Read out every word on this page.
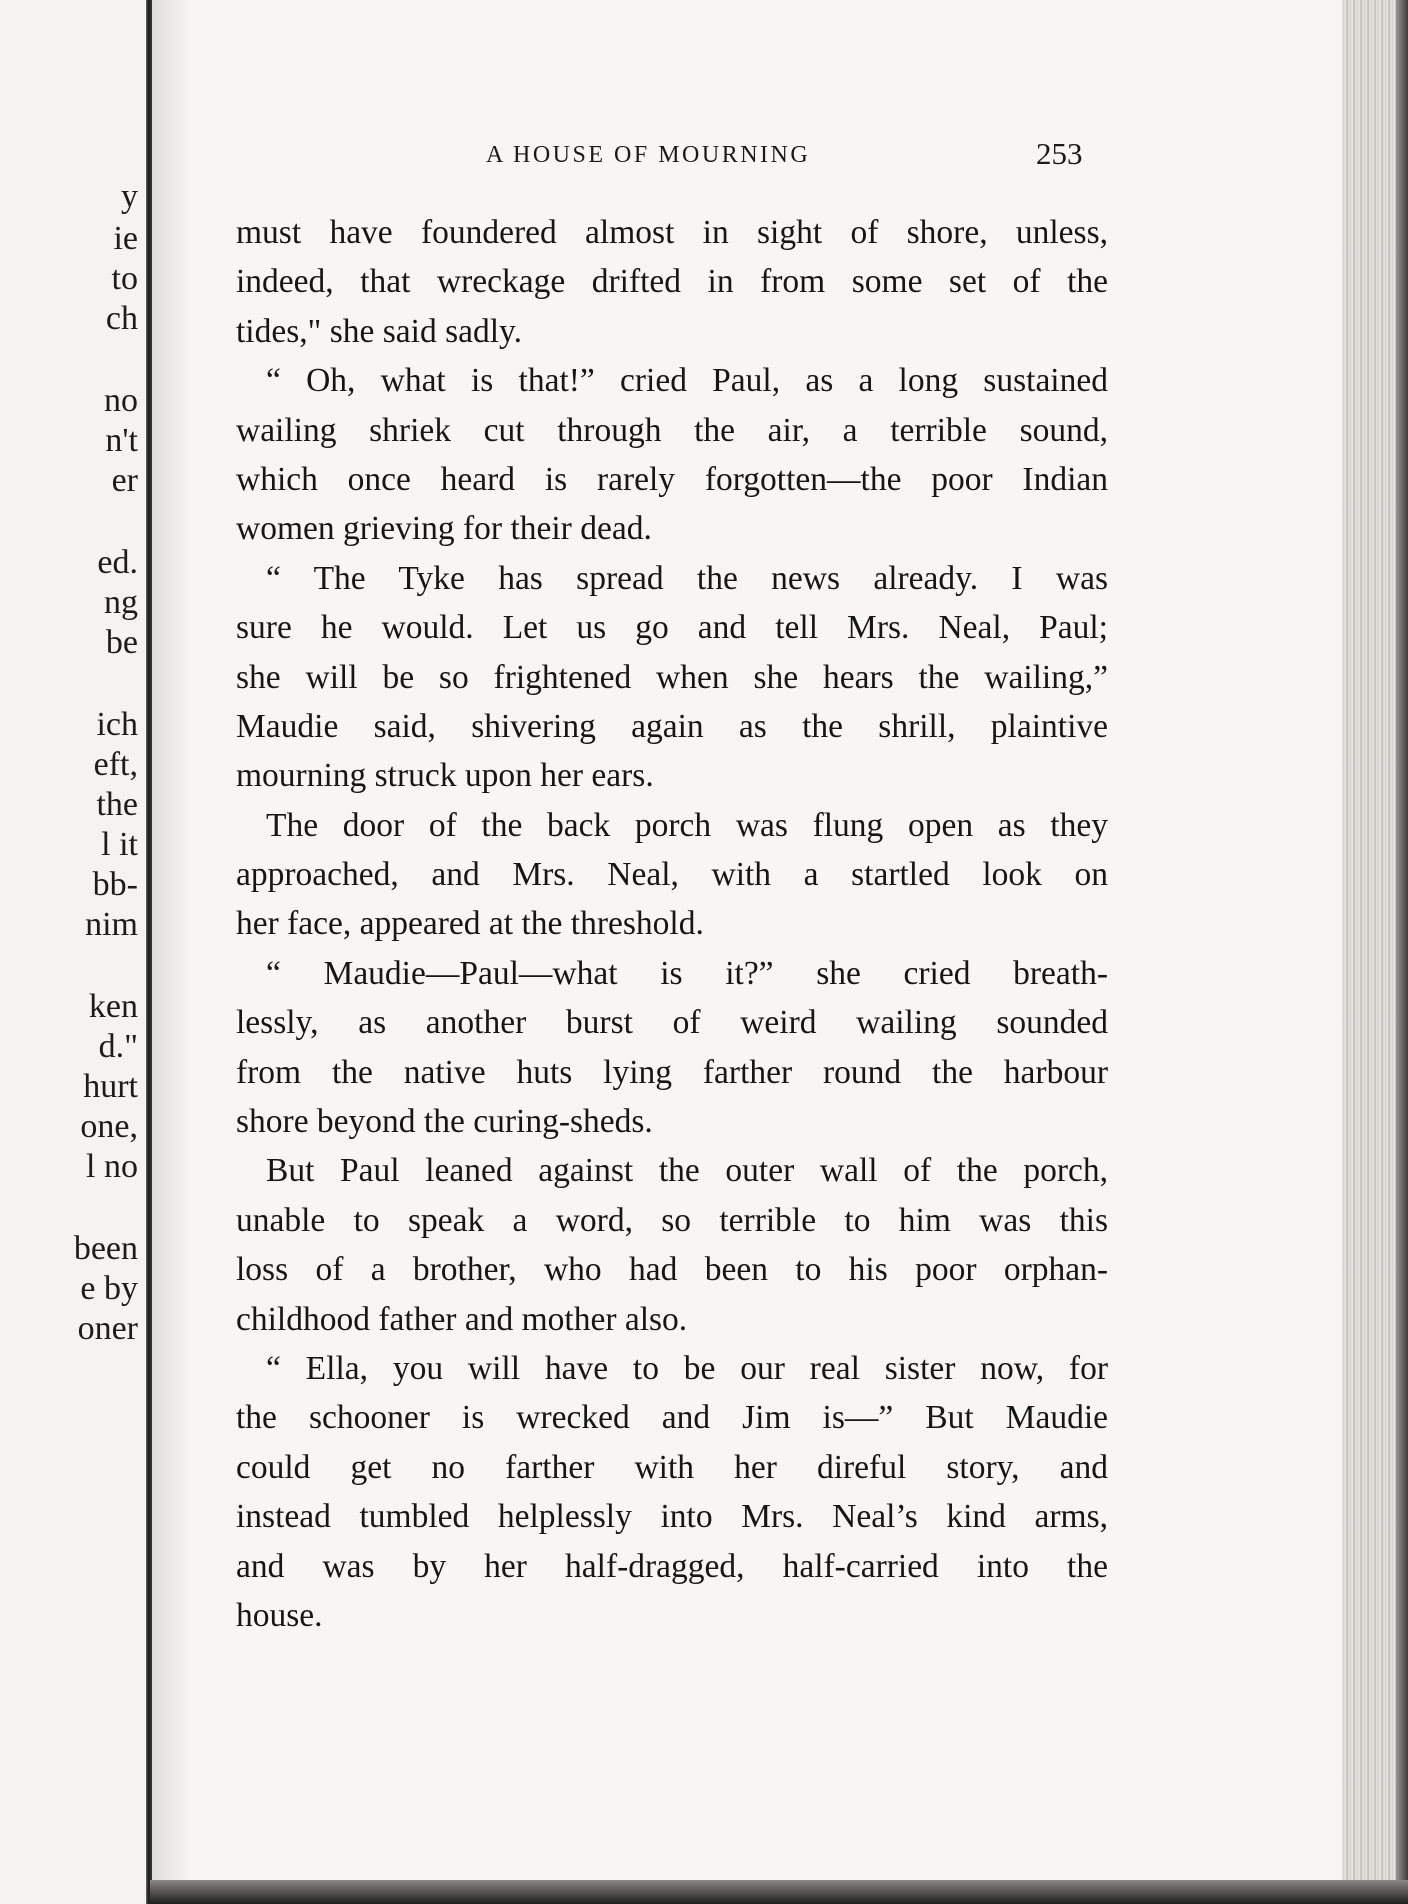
y
ie
to
ch
no
n't
er
ed.
ng
be
ich
eft,
the
l it
bb-
nim
ken
d."
hurt
one,
l no
been
e by
oner
A HOUSE OF MOURNING	253
must have foundered almost in sight of shore, unless,
indeed, that wreckage drifted in from some set of the
tides," she said sadly.
“ Oh, what is that!” cried Paul, as a long sustained
wailing shriek cut through the air, a terrible sound,
which once heard is rarely forgotten—the poor Indian
women grieving for their dead.
“ The Tyke has spread the news already. I was
sure he would. Let us go and tell Mrs. Neal, Paul;
she will be so frightened when she hears the wailing,”
Maudie said, shivering again as the shrill, plaintive
mourning struck upon her ears.
The door of the back porch was flung open as they
approached, and Mrs. Neal, with a startled look on
her face, appeared at the threshold.
“ Maudie—Paul—what is it?” she cried breath-
lessly, as another burst of weird wailing sounded
from the native huts lying farther round the harbour
shore beyond the curing-sheds.
But Paul leaned against the outer wall of the porch,
unable to speak a word, so terrible to him was this
loss of a brother, who had been to his poor orphan-
childhood father and mother also.
“ Ella, you will have to be our real sister now, for
the schooner is wrecked and Jim is—” But Maudie
could get no farther with her direful story, and
instead tumbled helplessly into Mrs. Neal’s kind arms,
and was by her half-dragged, half-carried into the
house.
